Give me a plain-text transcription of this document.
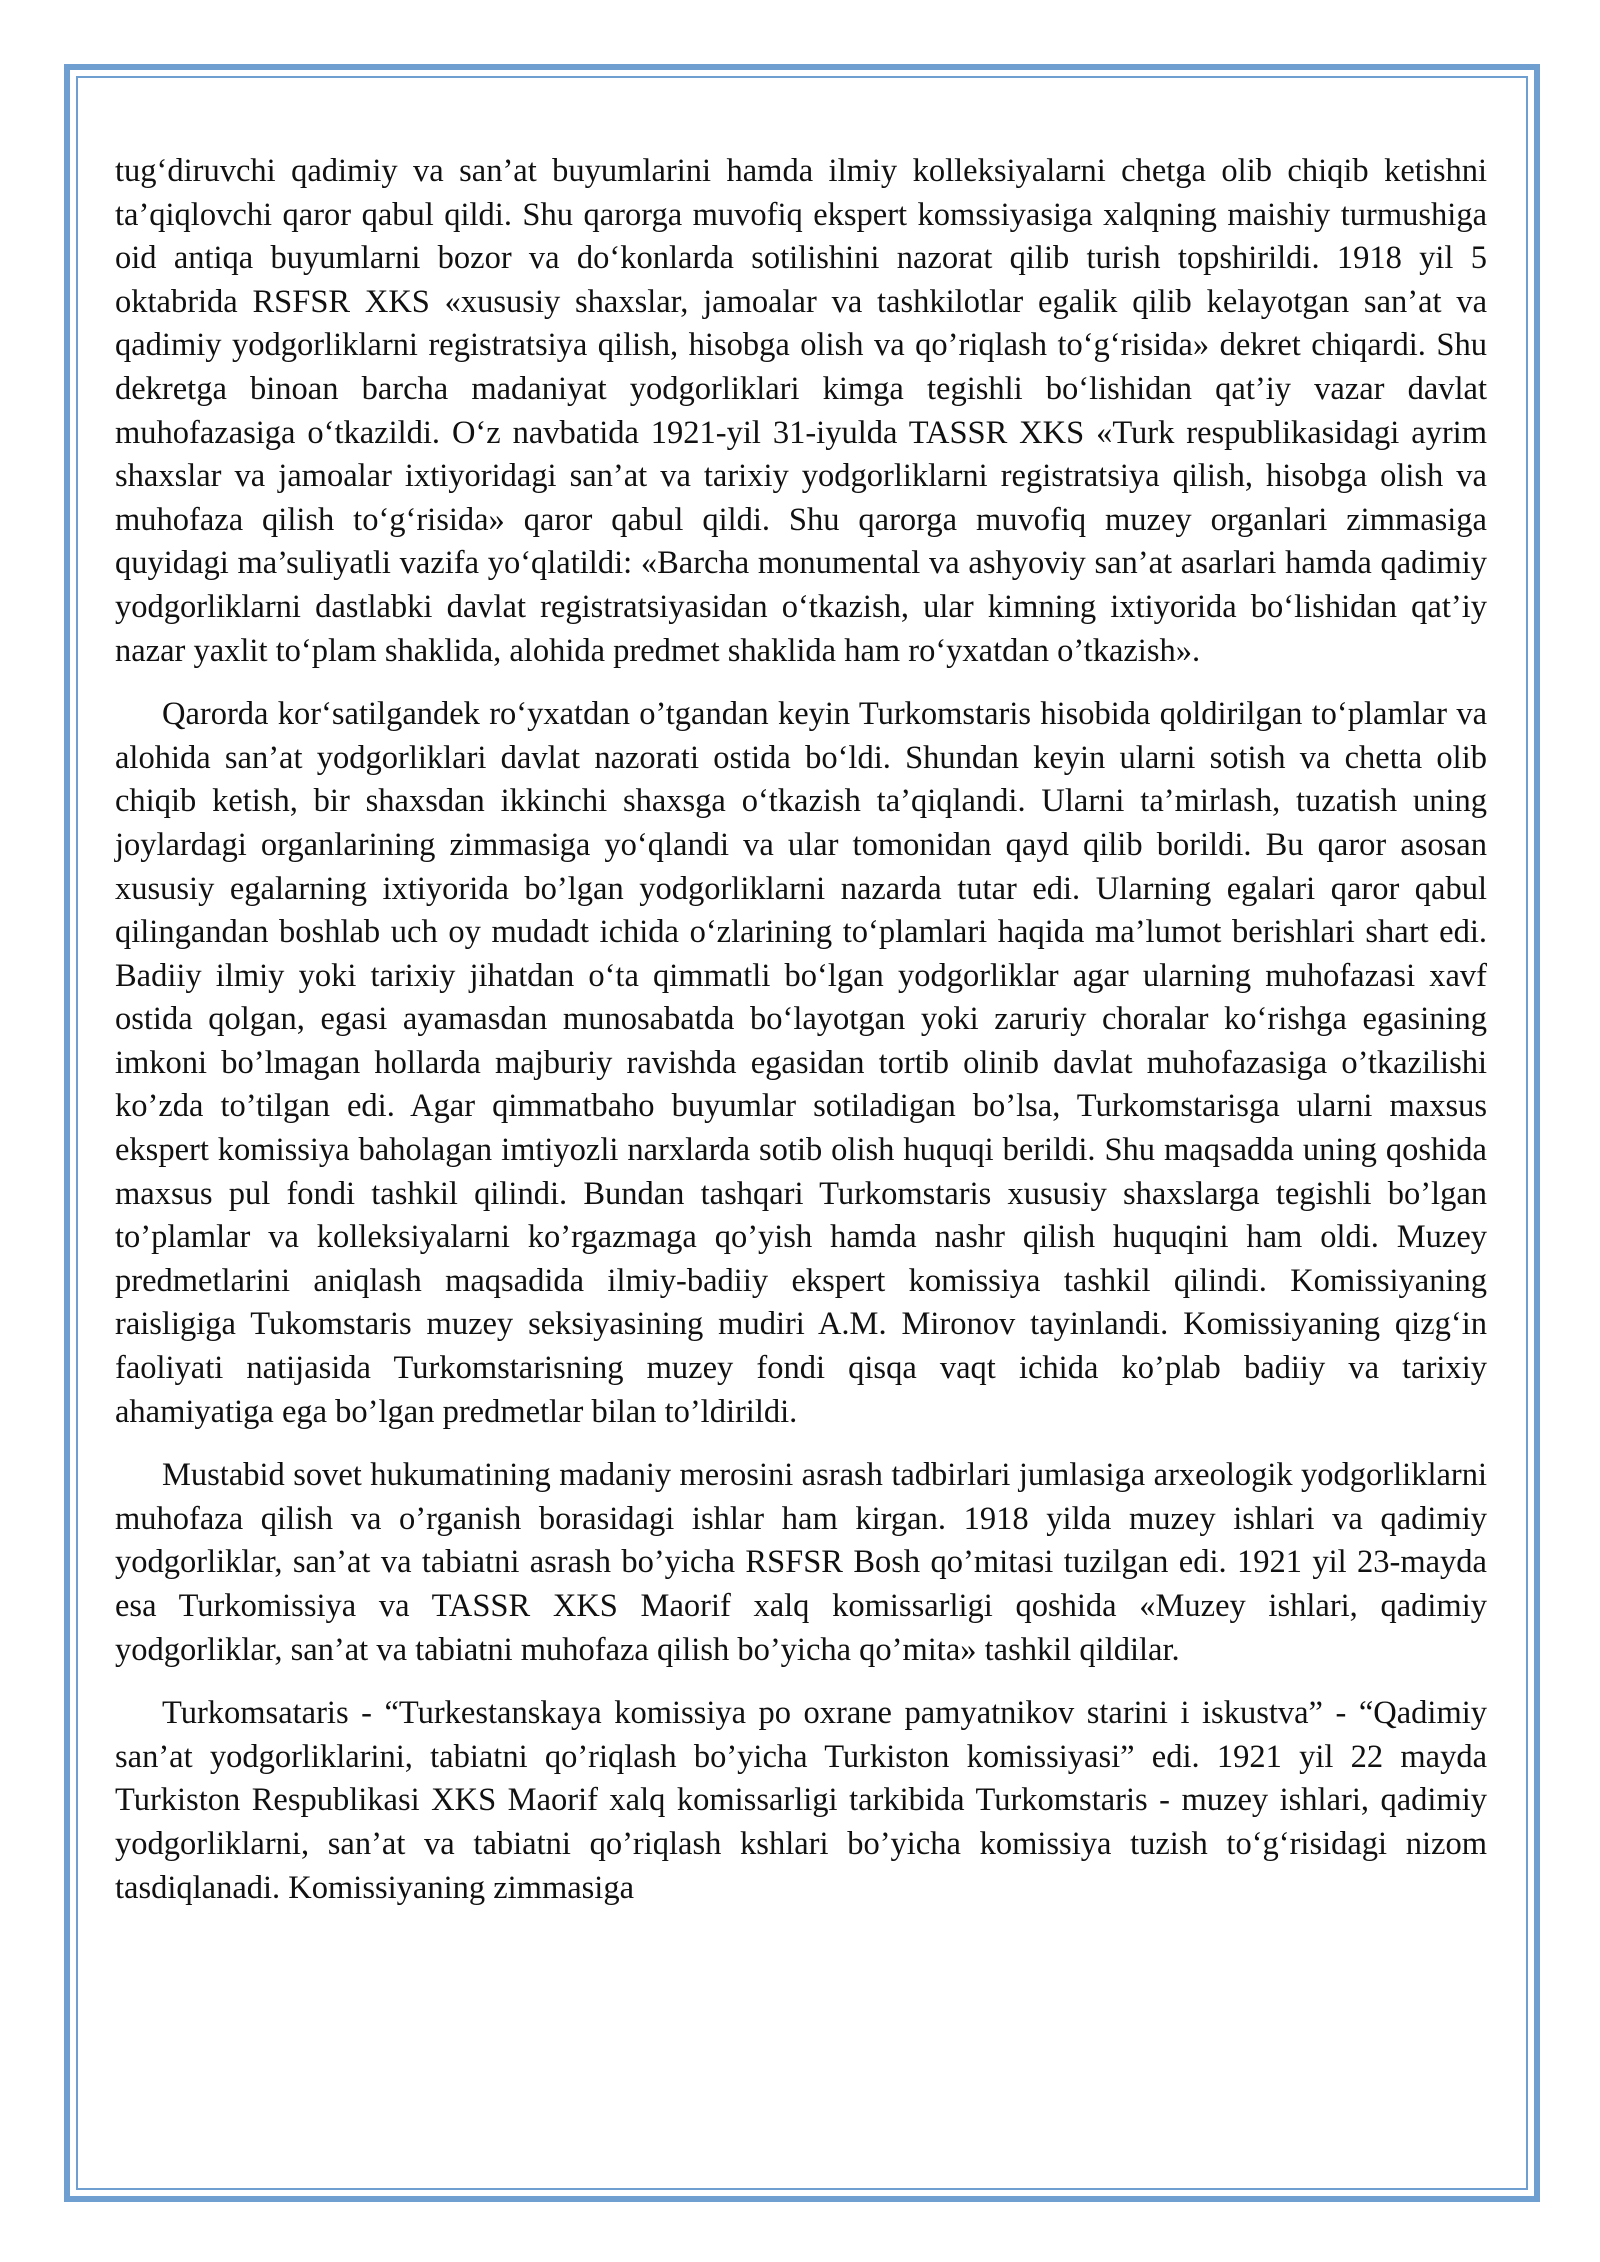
tug‘diruvchi qadimiy va san’at buyumlarini hamda ilmiy kolleksiyalarni chetga olib chiqib ketishni ta’qiqlovchi qaror qabul qildi. Shu qarorga muvofiq ekspert komssiyasiga xalqning maishiy turmushiga oid antiqa buyumlarni bozor va do‘konlarda sotilishini nazorat qilib turish topshirildi. 1918 yil 5 oktabrida RSFSR XKS «xususiy shaxslar, jamoalar va tashkilotlar egalik qilib kelayotgan san’at va qadimiy yodgorliklarni registratsiya qilish, hisobga olish va qo’riqlash to‘g‘risida» dekret chiqardi. Shu dekretga binoan barcha madaniyat yodgorliklari kimga tegishli bo‘lishidan qat’iy vazar davlat muhofazasiga o‘tkazildi. O‘z navbatida 1921-yil 31-iyulda TASSR XKS «Turk respublikasidagi ayrim shaxslar va jamoalar ixtiyoridagi san’at va tarixiy yodgorliklarni registratsiya qilish, hisobga olish va muhofaza qilish to‘g‘risida» qaror qabul qildi. Shu qarorga muvofiq muzey organlari zimmasiga quyidagi ma’suliyatli vazifa yo‘qlatildi: «Barcha monumental va ashyoviy san’at asarlari hamda qadimiy yodgorliklarni dastlabki davlat registratsiyasidan o‘tkazish, ular kimning ixtiyorida bo‘lishidan qat’iy nazar yaxlit to‘plam shaklida, alohida predmet shaklida ham ro‘yxatdan o’tkazish».

Qarorda kor‘satilgandek ro‘yxatdan o’tgandan keyin Turkomstaris hisobida qoldirilgan to‘plamlar va alohida san’at yodgorliklari davlat nazorati ostida bo‘ldi. Shundan keyin ularni sotish va chetta olib chiqib ketish, bir shaxsdan ikkinchi shaxsga o‘tkazish ta’qiqlandi. Ularni ta’mirlash, tuzatish uning joylardagi organlarining zimmasiga yo‘qlandi va ular tomonidan qayd qilib borildi. Bu qaror asosan xususiy egalarning ixtiyorida bo’lgan yodgorliklarni nazarda tutar edi. Ularning egalari qaror qabul qilingandan boshlab uch oy mudadt ichida o‘zlarining to‘plamlari haqida ma’lumot berishlari shart edi. Badiiy ilmiy yoki tarixiy jihatdan o‘ta qimmatli bo‘lgan yodgorliklar agar ularning muhofazasi xavf ostida qolgan, egasi ayamasdan munosabatda bo‘layotgan yoki zaruriy choralar ko‘rishga egasining imkoni bo’lmagan hollarda majburiy ravishda egasidan tortib olinib davlat muhofazasiga o’tkazilishi ko’zda to’tilgan edi. Agar qimmatbaho buyumlar sotiladigan bo’lsa, Turkomstarisga ularni maxsus ekspert komissiya baholagan imtiyozli narxlarda sotib olish huquqi berildi. Shu maqsadda uning qoshida maxsus pul fondi tashkil qilindi. Bundan tashqari Turkomstaris xususiy shaxslarga tegishli bo’lgan to’plamlar va kolleksiyalarni ko’rgazmaga qo’yish hamda nashr qilish huquqini ham oldi. Muzey predmetlarini aniqlash maqsadida ilmiy-badiiy ekspert komissiya tashkil qilindi. Komissiyaning raisligiga Tukomstaris muzey seksiyasining mudiri A.M. Mironov tayinlandi. Komissiyaning qizg‘in faoliyati natijasida Turkomstarisning muzey fondi qisqa vaqt ichida ko’plab badiiy va tarixiy ahamiyatiga ega bo’lgan predmetlar bilan to’ldirildi.

Mustabid sovet hukumatining madaniy merosini asrash tadbirlari jumlasiga arxeologik yodgorliklarni muhofaza qilish va o’rganish borasidagi ishlar ham kirgan. 1918 yilda muzey ishlari va qadimiy yodgorliklar, san’at va tabiatni asrash bo’yicha RSFSR Bosh qo’mitasi tuzilgan edi. 1921 yil 23-mayda esa Turkomissiya va TASSR XKS Maorif xalq komissarligi qoshida «Muzey ishlari, qadimiy yodgorliklar, san’at va tabiatni muhofaza qilish bo’yicha qo’mita» tashkil qildilar.

Turkomsataris - “Turkestanskaya komissiya po oxrane pamyatnikov starini i iskustva” - “Qadimiy san’at yodgorliklarini, tabiatni qo’riqlash bo’yicha Turkiston komissiyasi” edi. 1921 yil 22 mayda Turkiston Respublikasi XKS Maorif xalq komissarligi tarkibida Turkomstaris - muzey ishlari, qadimiy yodgorliklarni, san’at va tabiatni qo’riqlash kshlari bo’yicha komissiya tuzish to‘g‘risidagi nizom tasdiqlanadi. Komissiyaning zimmasiga
